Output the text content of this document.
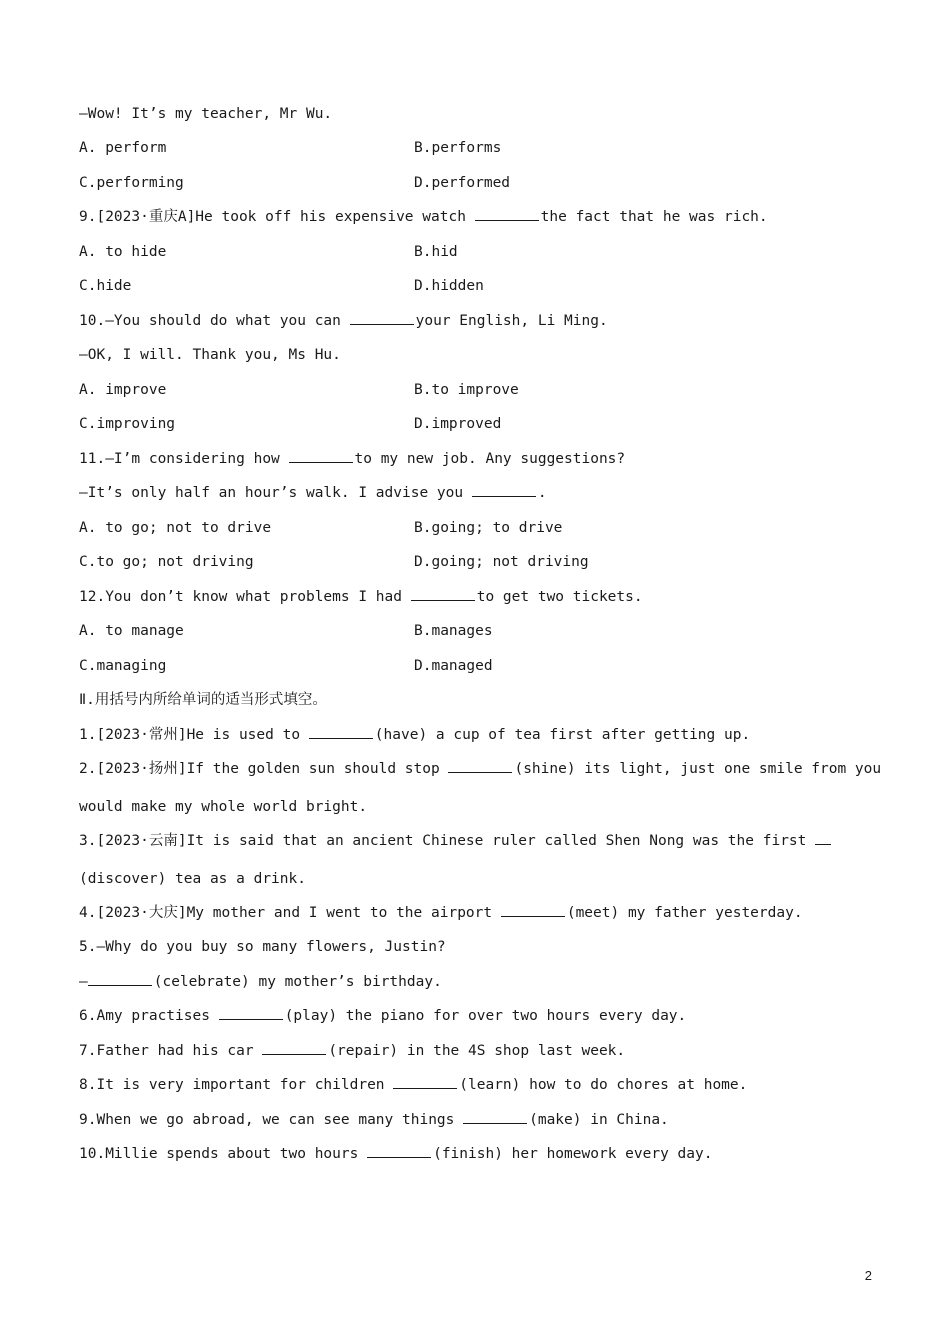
—Wow! It’s my teacher, Mr Wu.
A. perform	B.performs
C.performing	D.performed
9.[2023·重庆A]He took off his expensive watch	the fact that he was rich.
A. to hide	B.hid
C.hide	D.hidden
10.—You should do what you can	your English, Li Ming.
—OK, I will. Thank you, Ms Hu.
A. improve	B.to improve
C.improving	D.improved
11.—I’m considering how	to my new job. Any suggestions?
—It’s only half an hour’s walk. I advise you	.
A. to go; not to drive	B.going; to drive
C.to go; not driving	D.going; not driving
12.You don’t know what problems I had	to get two tickets.
A. to manage	B.manages
C.managing	D.managed
Ⅱ.用括号内所给单词的适当形式填空。
1.[2023·常州]He is used to	(have) a cup of tea first after getting up.
2.[2023·扬州]If the golden sun should stop	(shine) its light, just one smile from you
would make my whole world bright.
3.[2023·云南]It is said that an ancient Chinese ruler called Shen Nong was the first
(discover) tea as a drink.
4.[2023·大庆]My mother and I went to the airport	(meet) my father yesterday.
5.—Why do you buy so many flowers, Justin?
—	(celebrate) my mother’s birthday.
6.Amy practises	(play) the piano for over two hours every day.
7.Father had his car	(repair) in the 4S shop last week.
8.It is very important for children	(learn) how to do chores at home.
9.When we go abroad, we can see many things	(make) in China.
10.Millie spends about two hours	(finish) her homework every day.
2
